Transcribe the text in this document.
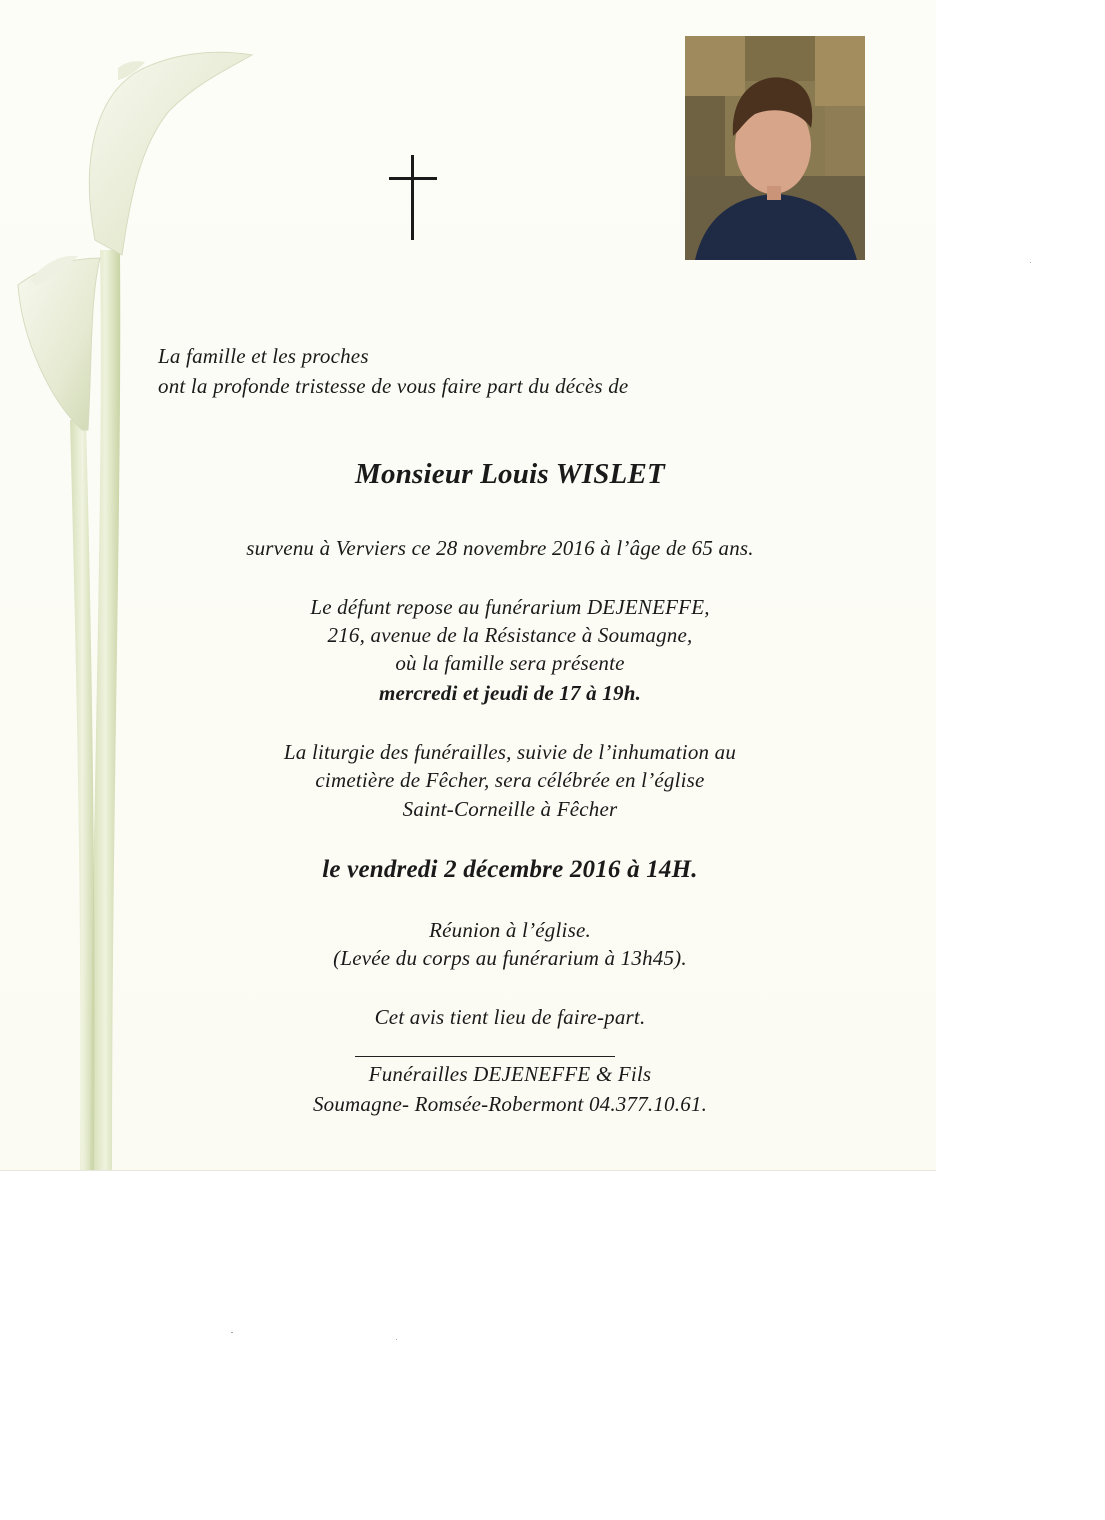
La famille et les proches
ont la profonde tristesse de vous faire part du décès de
Monsieur Louis WISLET
survenu à Verviers ce 28 novembre 2016 à l’âge de 65 ans.
Le défunt repose au funérarium DEJENEFFE,
216, avenue de la Résistance à Soumagne,
où la famille sera présente
mercredi et jeudi de 17 à 19h.
La liturgie des funérailles, suivie de l’inhumation au
cimetière de Fêcher, sera célébrée en l’église
Saint-Corneille à Fêcher
le vendredi 2 décembre 2016 à 14H.
Réunion à l’église.
(Levée du corps au funérarium à 13h45).
Cet avis tient lieu de faire-part.
Funérailles DEJENEFFE & Fils
Soumagne- Romsée-Robermont 04.377.10.61.
